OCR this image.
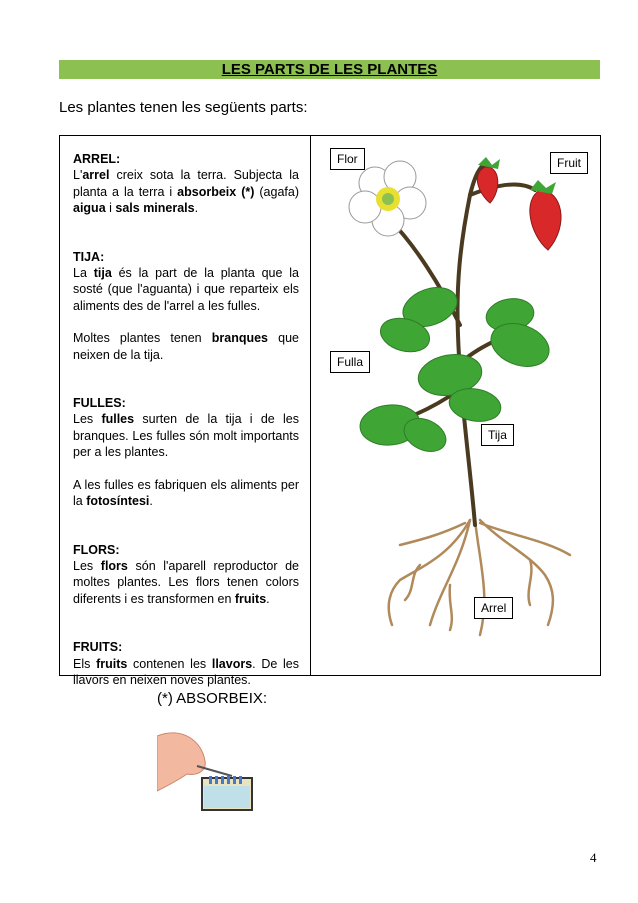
LES PARTS DE LES PLANTES
Les plantes tenen les següents parts:
ARREL:
L'arrel creix sota la terra. Subjecta la planta a la terra i absorbeix (*) (agafa) aigua i sals minerals.
TIJA:
La tija és la part de la planta que la sosté (que l'aguanta) i que reparteix els aliments des de l'arrel a les fulles.
Moltes plantes tenen branques que neixen de la tija.
FULLES:
Les fulles surten de la tija i de les branques. Les fulles són molt importants per a les plantes.
A les fulles es fabriquen els aliments per la fotosíntesi.
FLORS:
Les flors són l'aparell reproductor de moltes plantes. Les flors tenen colors diferents i es transformen en fruits.
FRUITS:
Els fruits contenen les llavors. De les llavors en neixen noves plantes.
Flor	Fruit
Fulla
Tija
Arrel
(*) ABSORBEIX:
4
